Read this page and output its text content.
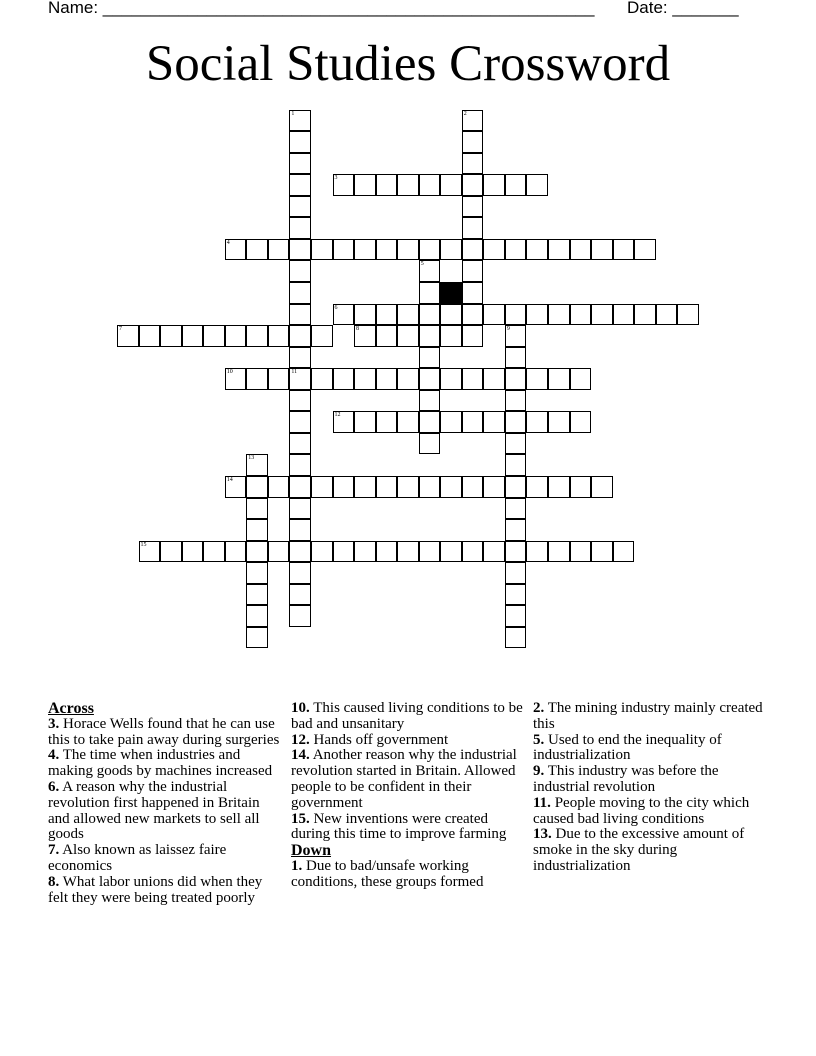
Name: ____________________________________________________ Date: _______
Social Studies Crossword
1
11
2
3
4
5
6
7	8	9
10
12
13
14
15
Across

3. Horace Wells found that he can use this to take pain away during surgeries

4. The time when industries and making goods by machines increased

6. A reason why the industrial revolution first happened in Britain and allowed new markets to sell all goods

7. Also known as laissez faire economics

8. What labor unions did when they felt they were being treated poorly

10. This caused living conditions to be bad and unsanitary

12. Hands off government

14. Another reason why the industrial revolution started in Britain. Allowed people to be confident in their government

15. New inventions were created during this time to improve farming

Down

1. Due to bad/unsafe working conditions, these groups formed

2. The mining industry mainly created this

5. Used to end the inequality of industrialization

9. This industry was before the industrial revolution

11. People moving to the city which caused bad living conditions

13. Due to the excessive amount of smoke in the sky during industrialization
